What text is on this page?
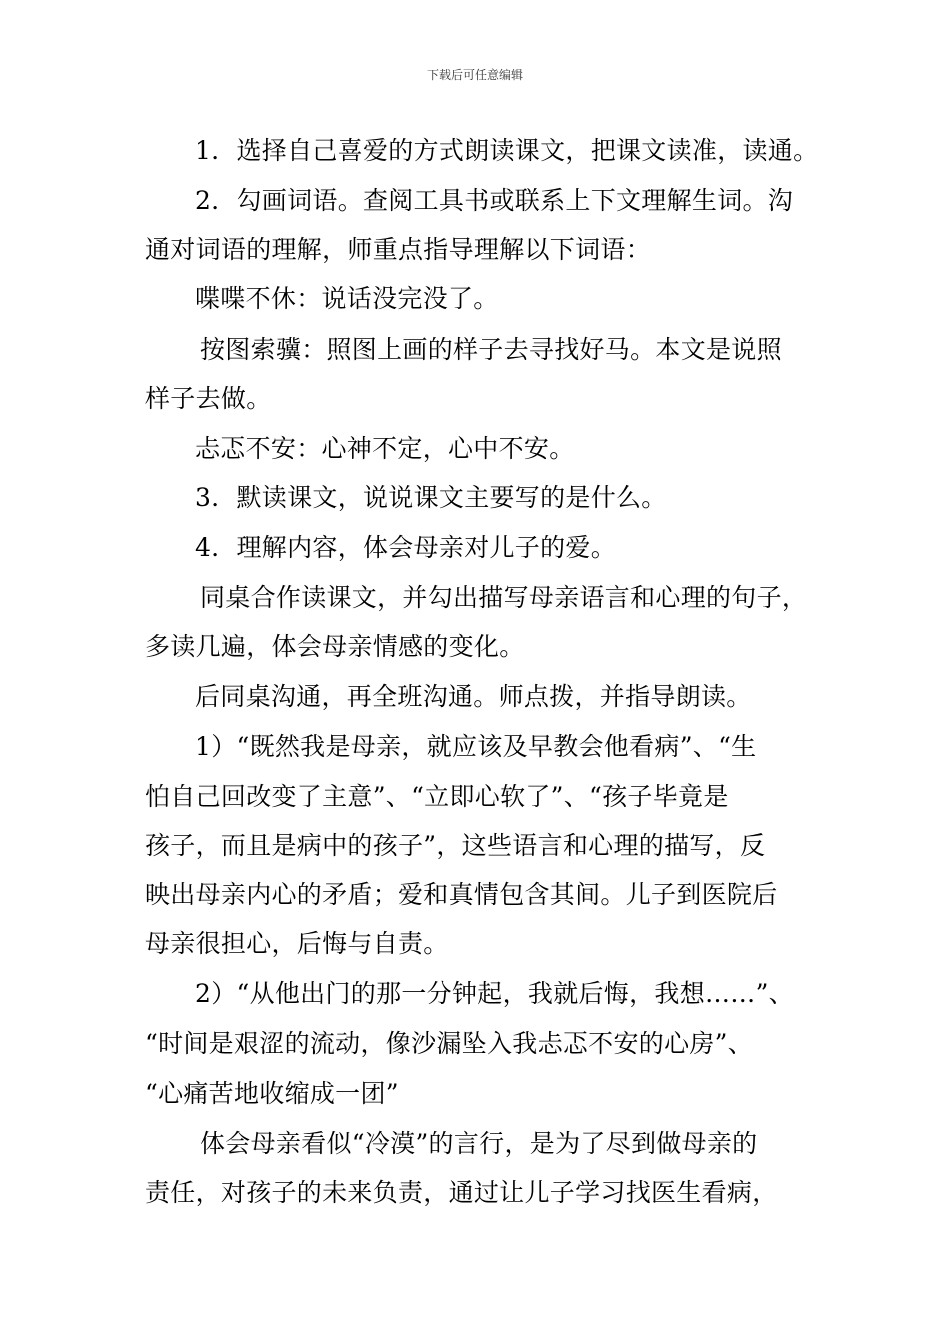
下载后可任意编辑
1．选择自己喜爱的方式朗读课文，把课文读准，读通。
2．勾画词语。查阅工具书或联系上下文理解生词。沟
通对词语的理解，师重点指导理解以下词语：
喋喋不休：说话没完没了。
按图索骥：照图上画的样子去寻找好马。本文是说照
样子去做。
忐忑不安：心神不定，心中不安。
3．默读课文，说说课文主要写的是什么。
4．理解内容，体会母亲对儿子的爱。
同桌合作读课文，并勾出描写母亲语言和心理的句子，
多读几遍，体会母亲情感的变化。
后同桌沟通，再全班沟通。师点拨，并指导朗读。
1）“既然我是母亲，就应该及早教会他看病”、“生
怕自己回改变了主意”、“立即心软了”、“孩子毕竟是
孩子，而且是病中的孩子”，这些语言和心理的描写，反
映出母亲内心的矛盾；爱和真情包含其间。儿子到医院后
母亲很担心，后悔与自责。
2）“从他出门的那一分钟起，我就后悔，我想……”、
“时间是艰涩的流动，像沙漏坠入我忐忑不安的心房”、
“心痛苦地收缩成一团”
体会母亲看似“冷漠”的言行，是为了尽到做母亲的
责任，对孩子的未来负责，通过让儿子学习找医生看病，
